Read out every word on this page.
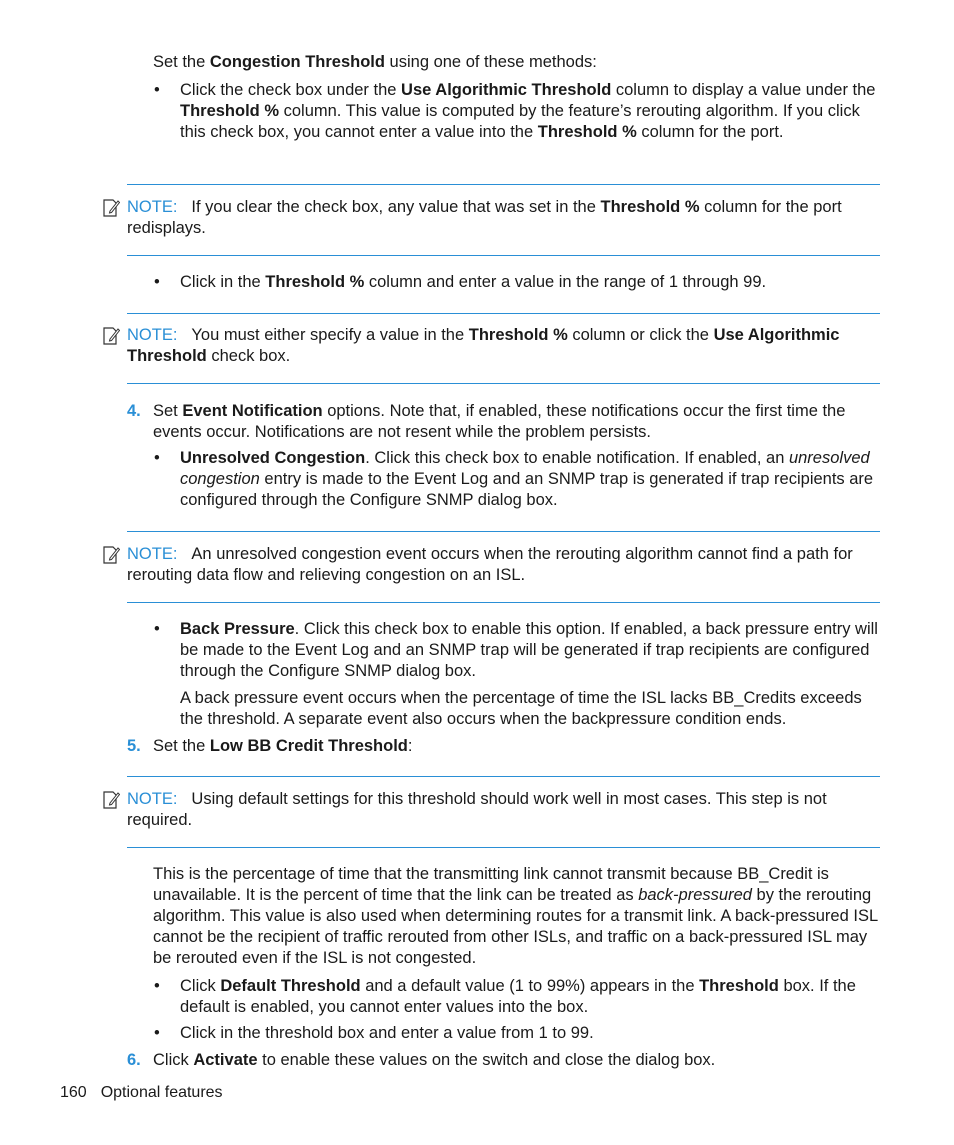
Set the Congestion Threshold using one of these methods:
• Click the check box under the Use Algorithmic Threshold column to display a value under the Threshold % column. This value is computed by the feature’s rerouting algorithm. If you click this check box, you cannot enter a value into the Threshold % column for the port.
NOTE: If you clear the check box, any value that was set in the Threshold % column for the port redisplays.
• Click in the Threshold % column and enter a value in the range of 1 through 99.
NOTE: You must either specify a value in the Threshold % column or click the Use Algorithmic Threshold check box.
4. Set Event Notification options. Note that, if enabled, these notifications occur the first time the events occur. Notifications are not resent while the problem persists.
• Unresolved Congestion. Click this check box to enable notification. If enabled, an unresolved congestion entry is made to the Event Log and an SNMP trap is generated if trap recipients are configured through the Configure SNMP dialog box.
NOTE: An unresolved congestion event occurs when the rerouting algorithm cannot find a path for rerouting data flow and relieving congestion on an ISL.
• Back Pressure. Click this check box to enable this option. If enabled, a back pressure entry will be made to the Event Log and an SNMP trap will be generated if trap recipients are configured through the Configure SNMP dialog box.
A back pressure event occurs when the percentage of time the ISL lacks BB_Credits exceeds the threshold. A separate event also occurs when the backpressure condition ends.
5. Set the Low BB Credit Threshold:
NOTE: Using default settings for this threshold should work well in most cases. This step is not required.
This is the percentage of time that the transmitting link cannot transmit because BB_Credit is unavailable. It is the percent of time that the link can be treated as back-pressured by the rerouting algorithm. This value is also used when determining routes for a transmit link. A back-pressured ISL cannot be the recipient of traffic rerouted from other ISLs, and traffic on a back-pressured ISL may be rerouted even if the ISL is not congested.
• Click Default Threshold and a default value (1 to 99%) appears in the Threshold box. If the default is enabled, you cannot enter values into the box.
• Click in the threshold box and enter a value from 1 to 99.
6. Click Activate to enable these values on the switch and close the dialog box.
160 Optional features
